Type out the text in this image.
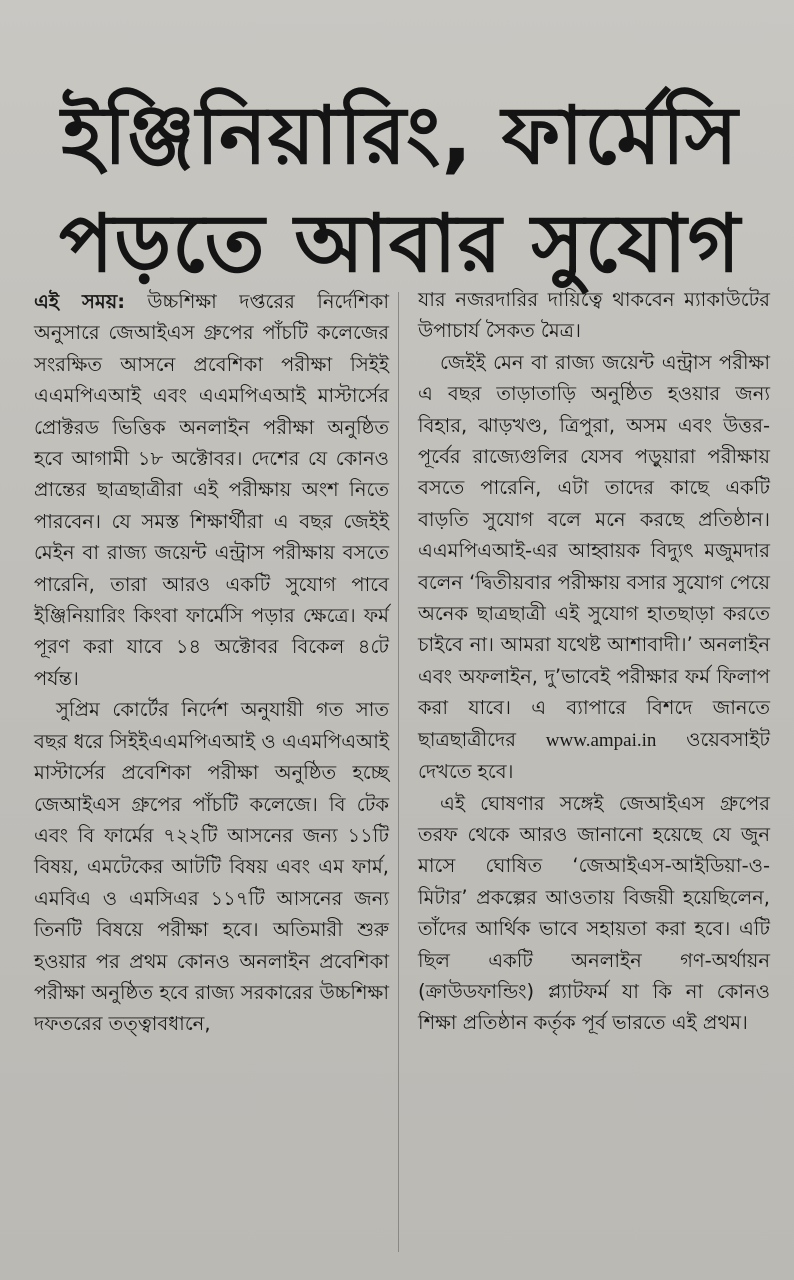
ইঞ্জিনিয়ারিং, ফার্মেসি
পড়তে আবার সুযোগ

এই সময়: উচ্চশিক্ষা দপ্তরের নির্দেশিকা অনুসারে জেআইএস গ্রুপের পাঁচটি কলেজের সংরক্ষিত আসনে প্রবেশিকা পরীক্ষা সিইই এএমপিএআই এবং এএমপিএআই মাস্টার্সের প্রোক্টরড ভিত্তিক অনলাইন পরীক্ষা অনুষ্ঠিত হবে আগামী ১৮ অক্টোবর। দেশের যে কোনও প্রান্তের ছাত্রছাত্রীরা এই পরীক্ষায় অংশ নিতে পারবেন। যে সমস্ত শিক্ষার্থীরা এ বছর জেইই মেইন বা রাজ্য জয়েন্ট এন্ট্রাস পরীক্ষায় বসতে পারেনি, তারা আরও একটি সুযোগ পাবে ইঞ্জিনিয়ারিং কিংবা ফার্মেসি পড়ার ক্ষেত্রে। ফর্ম পূরণ করা যাবে ১৪ অক্টোবর বিকেল ৪টে পর্যন্ত।

সুপ্রিম কোর্টের নির্দেশ অনুযায়ী গত সাত বছর ধরে সিইইএএমপিএআই ও এএমপিএআই মাস্টার্সের প্রবেশিকা পরীক্ষা অনুষ্ঠিত হচ্ছে জেআইএস গ্রুপের পাঁচটি কলেজে। বি টেক এবং বি ফার্মের ৭২২টি আসনের জন্য ১১টি বিষয়, এমটেকের আটটি বিষয় এবং এম ফার্ম, এমবিএ ও এমসিএর ১১৭টি আসনের জন্য তিনটি বিষয়ে পরীক্ষা হবে। অতিমারী শুরু হওয়ার পর প্রথম কোনও অনলাইন প্রবেশিকা পরীক্ষা অনুষ্ঠিত হবে রাজ্য সরকারের উচ্চশিক্ষা দফতরের তত্ত্বাবধানে,

যার নজরদারির দায়িত্বে থাকবেন ম্যাকাউটের উপাচার্য সৈকত মৈত্র।

জেইই মেন বা রাজ্য জয়েন্ট এন্ট্রাস পরীক্ষা এ বছর তাড়াতাড়ি অনুষ্ঠিত হওয়ার জন্য বিহার, ঝাড়খণ্ড, ত্রিপুরা, অসম এবং উত্তর-পূর্বের রাজ্যেগুলির যেসব পড়ুয়ারা পরীক্ষায় বসতে পারেনি, এটা তাদের কাছে একটি বাড়তি সুযোগ বলে মনে করছে প্রতিষ্ঠান। এএমপিএআই-এর আহ্বায়ক বিদ্যুৎ মজুমদার বলেন ‘দ্বিতীয়বার পরীক্ষায় বসার সুযোগ পেয়ে অনেক ছাত্রছাত্রী এই সুযোগ হাতছাড়া করতে চাইবে না। আমরা যথেষ্ট আশাবাদী।’ অনলাইন এবং অফলাইন, দু’ভাবেই পরীক্ষার ফর্ম ফিলাপ করা যাবে। এ ব্যাপারে বিশদে জানতে ছাত্রছাত্রীদের www.ampai.in ওয়েবসাইট দেখতে হবে।

এই ঘোষণার সঙ্গেই জেআইএস গ্রুপের তরফ থেকে আরও জানানো হয়েছে যে জুন মাসে ঘোষিত ‘জেআইএস-আইডিয়া-ও-মিটার’ প্রকল্পের আওতায় বিজয়ী হয়েছিলেন, তাঁদের আর্থিক ভাবে সহায়তা করা হবে। এটি ছিল একটি অনলাইন গণ-অর্থায়ন (ক্রাউডফান্ডিং) প্ল্যাটফর্ম যা কি না কোনও শিক্ষা প্রতিষ্ঠান কর্তৃক পূর্ব ভারতে এই প্রথম।
